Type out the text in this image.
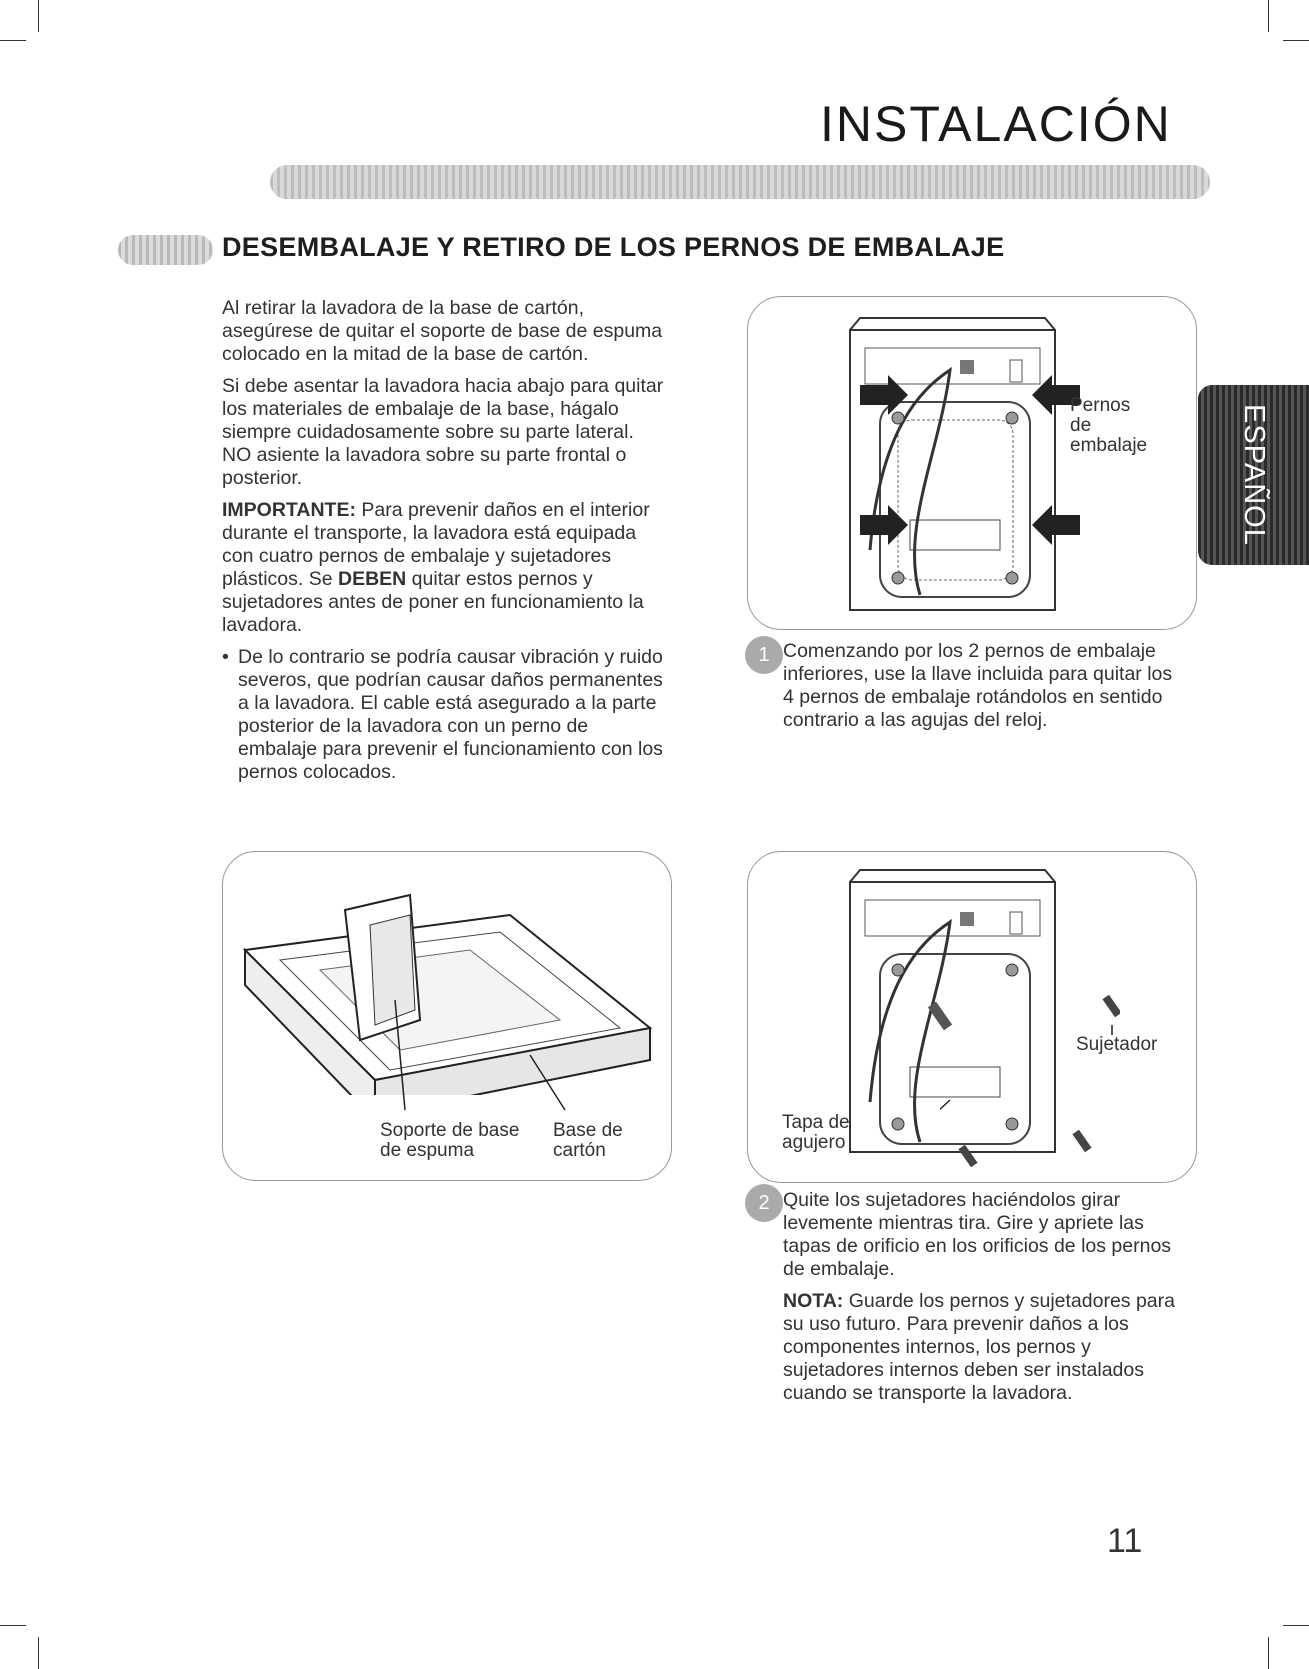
INSTALACIÓN
DESEMBALAJE Y RETIRO DE LOS PERNOS DE EMBALAJE
ESPAÑOL

Al retirar la lavadora de la base de cartón, asegúrese de quitar el soporte de base de espuma colocado en la mitad de la base de cartón.

Si debe asentar la lavadora hacia abajo para quitar los materiales de embalaje de la base, hágalo siempre cuidadosamente sobre su parte lateral. NO asiente la lavadora sobre su parte frontal o posterior.

IMPORTANTE: Para prevenir daños en el interior durante el transporte, la lavadora está equipada con cuatro pernos de embalaje y sujetadores plásticos. Se DEBEN quitar estos pernos y sujetadores antes de poner en funcionamiento la lavadora.

• De lo contrario se podría causar vibración y ruido severos, que podrían causar daños permanentes a la lavadora. El cable está asegurado a la parte posterior de la lavadora con un perno de embalaje para prevenir el funcionamiento con los pernos colocados.

Pernos
de
embalaje
1 Comenzando por los 2 pernos de embalaje inferiores, use la llave incluida para quitar los 4 pernos de embalaje rotándolos en sentido contrario a las agujas del reloj.
Soporte de base
de espuma
Base de
cartón
Sujetador
Tapa de
agujero
2 Quite los sujetadores haciéndolos girar levemente mientras tira. Gire y apriete las tapas de orificio en los orificios de los pernos de embalaje.

NOTA: Guarde los pernos y sujetadores para su uso futuro. Para prevenir daños a los componentes internos, los pernos y sujetadores internos deben ser instalados cuando se transporte la lavadora.

11
